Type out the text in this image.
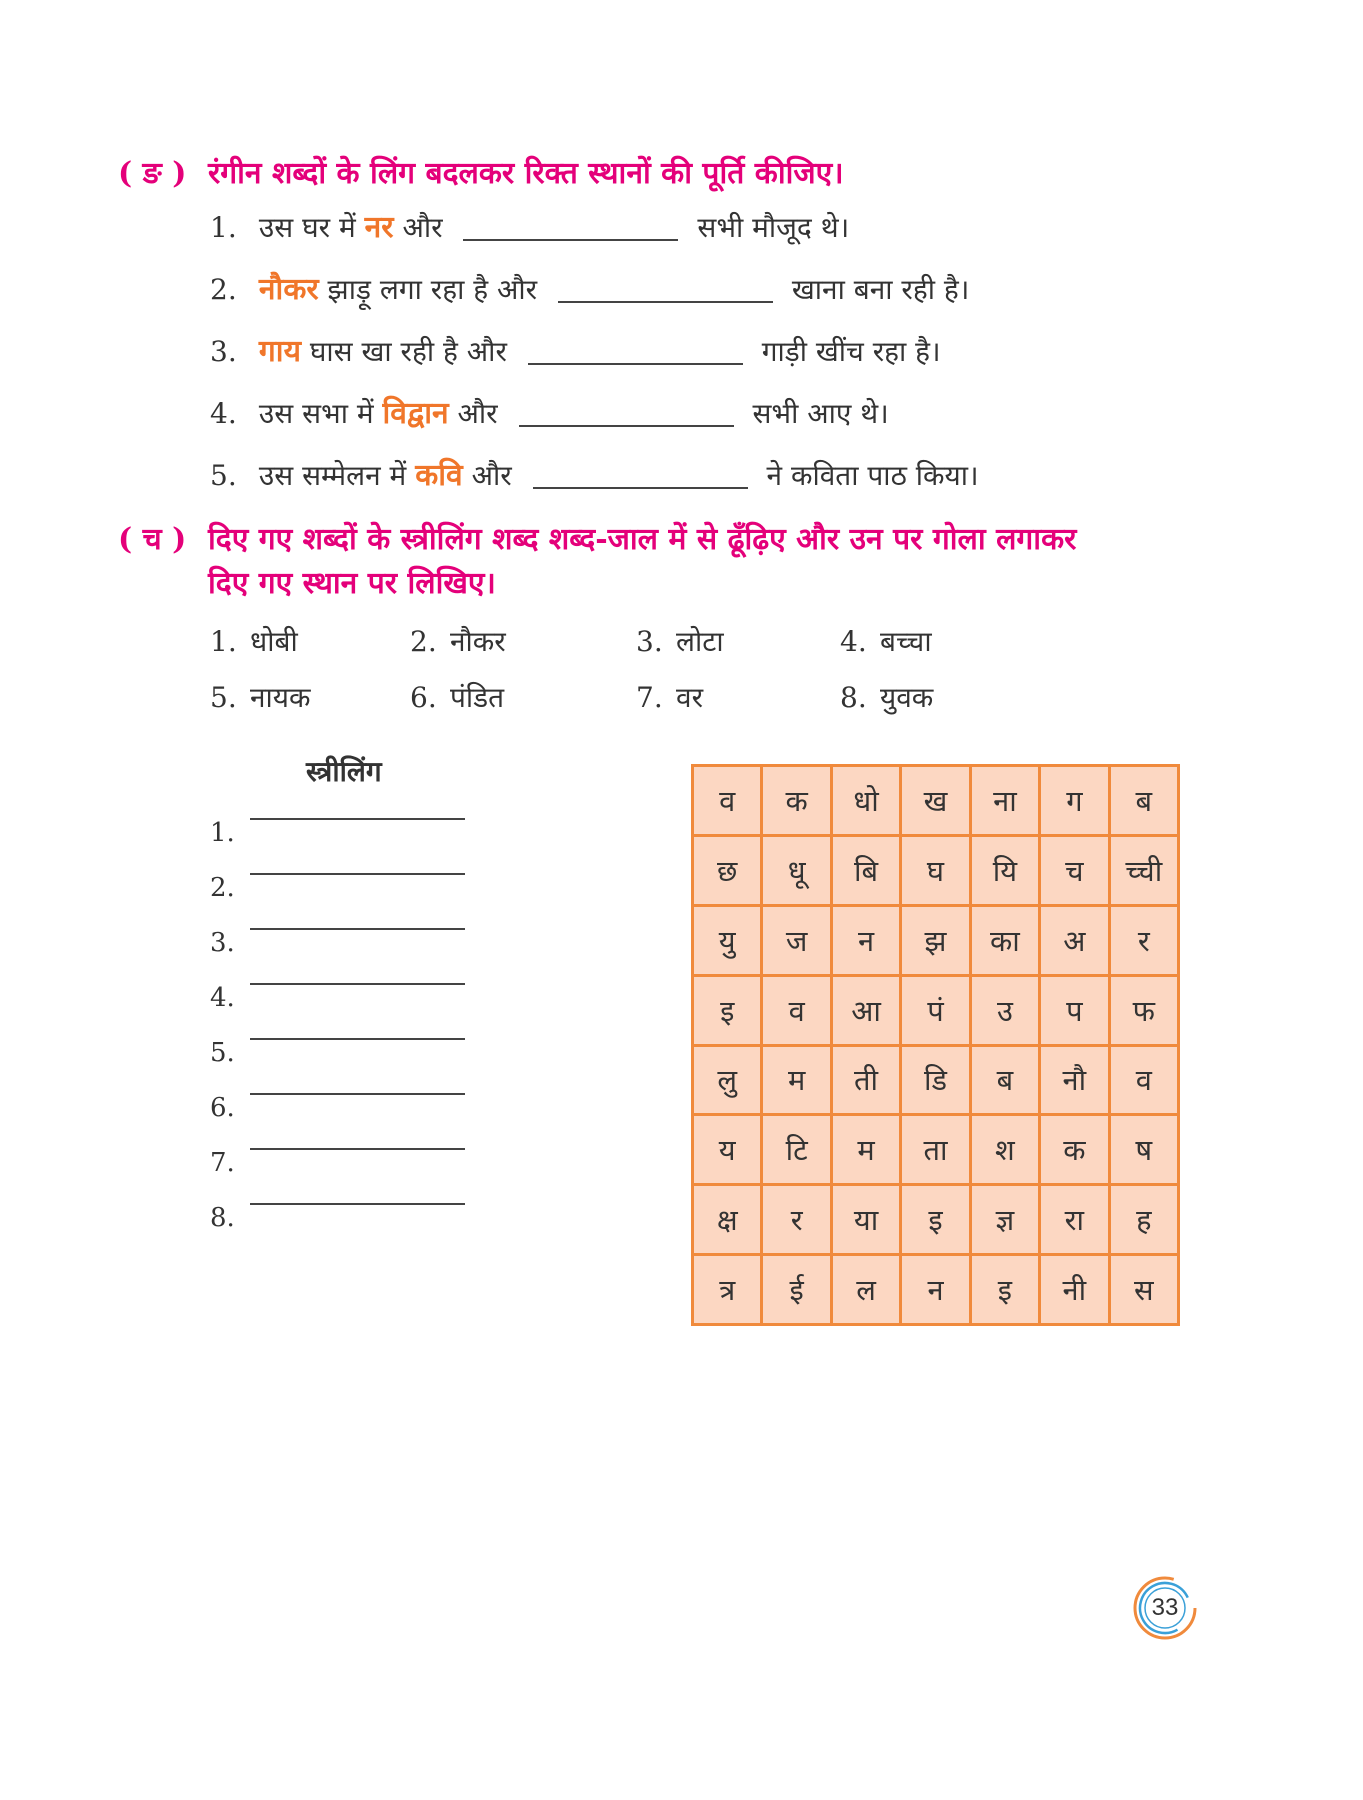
( ङ ) रंगीन शब्दों के लिंग बदलकर रिक्त स्थानों की पूर्ति कीजिए।
1. उस घर में नर और	सभी मौजूद थे।
2. नौकर झाड़ू लगा रहा है और	खाना बना रही है।
3. गाय घास खा रही है और	गाड़ी खींच रहा है।
4. उस सभा में विद्वान और	सभी आए थे।
5. उस सम्मेलन में कवि और	ने कविता पाठ किया।
( च ) दिए गए शब्दों के स्त्रीलिंग शब्द शब्द-जाल में से ढूँढ़िए और उन पर गोला लगाकर
दिए गए स्थान पर लिखिए।
1. धोबी	2. नौकर	3. लोटा	4. बच्चा
5. नायक	6. पंडित	7. वर	8. युवक
स्त्रीलिंग
1.
2.
3.
4.
5.
6.
7.
8.
व	क	धो	ख	ना	ग	ब
छ	धू	बि	घ	यि	च	च्ची
यु	ज	न	झ	का	अ	र
इ	व	आ	पं	उ	प	फ
लु	म	ती	डि	ब	नौ	व
य	टि	म	ता	श	क	ष
क्ष	र	या	इ	ज्ञ	रा	ह
त्र	ई	ल	न	इ	नी	स
33
